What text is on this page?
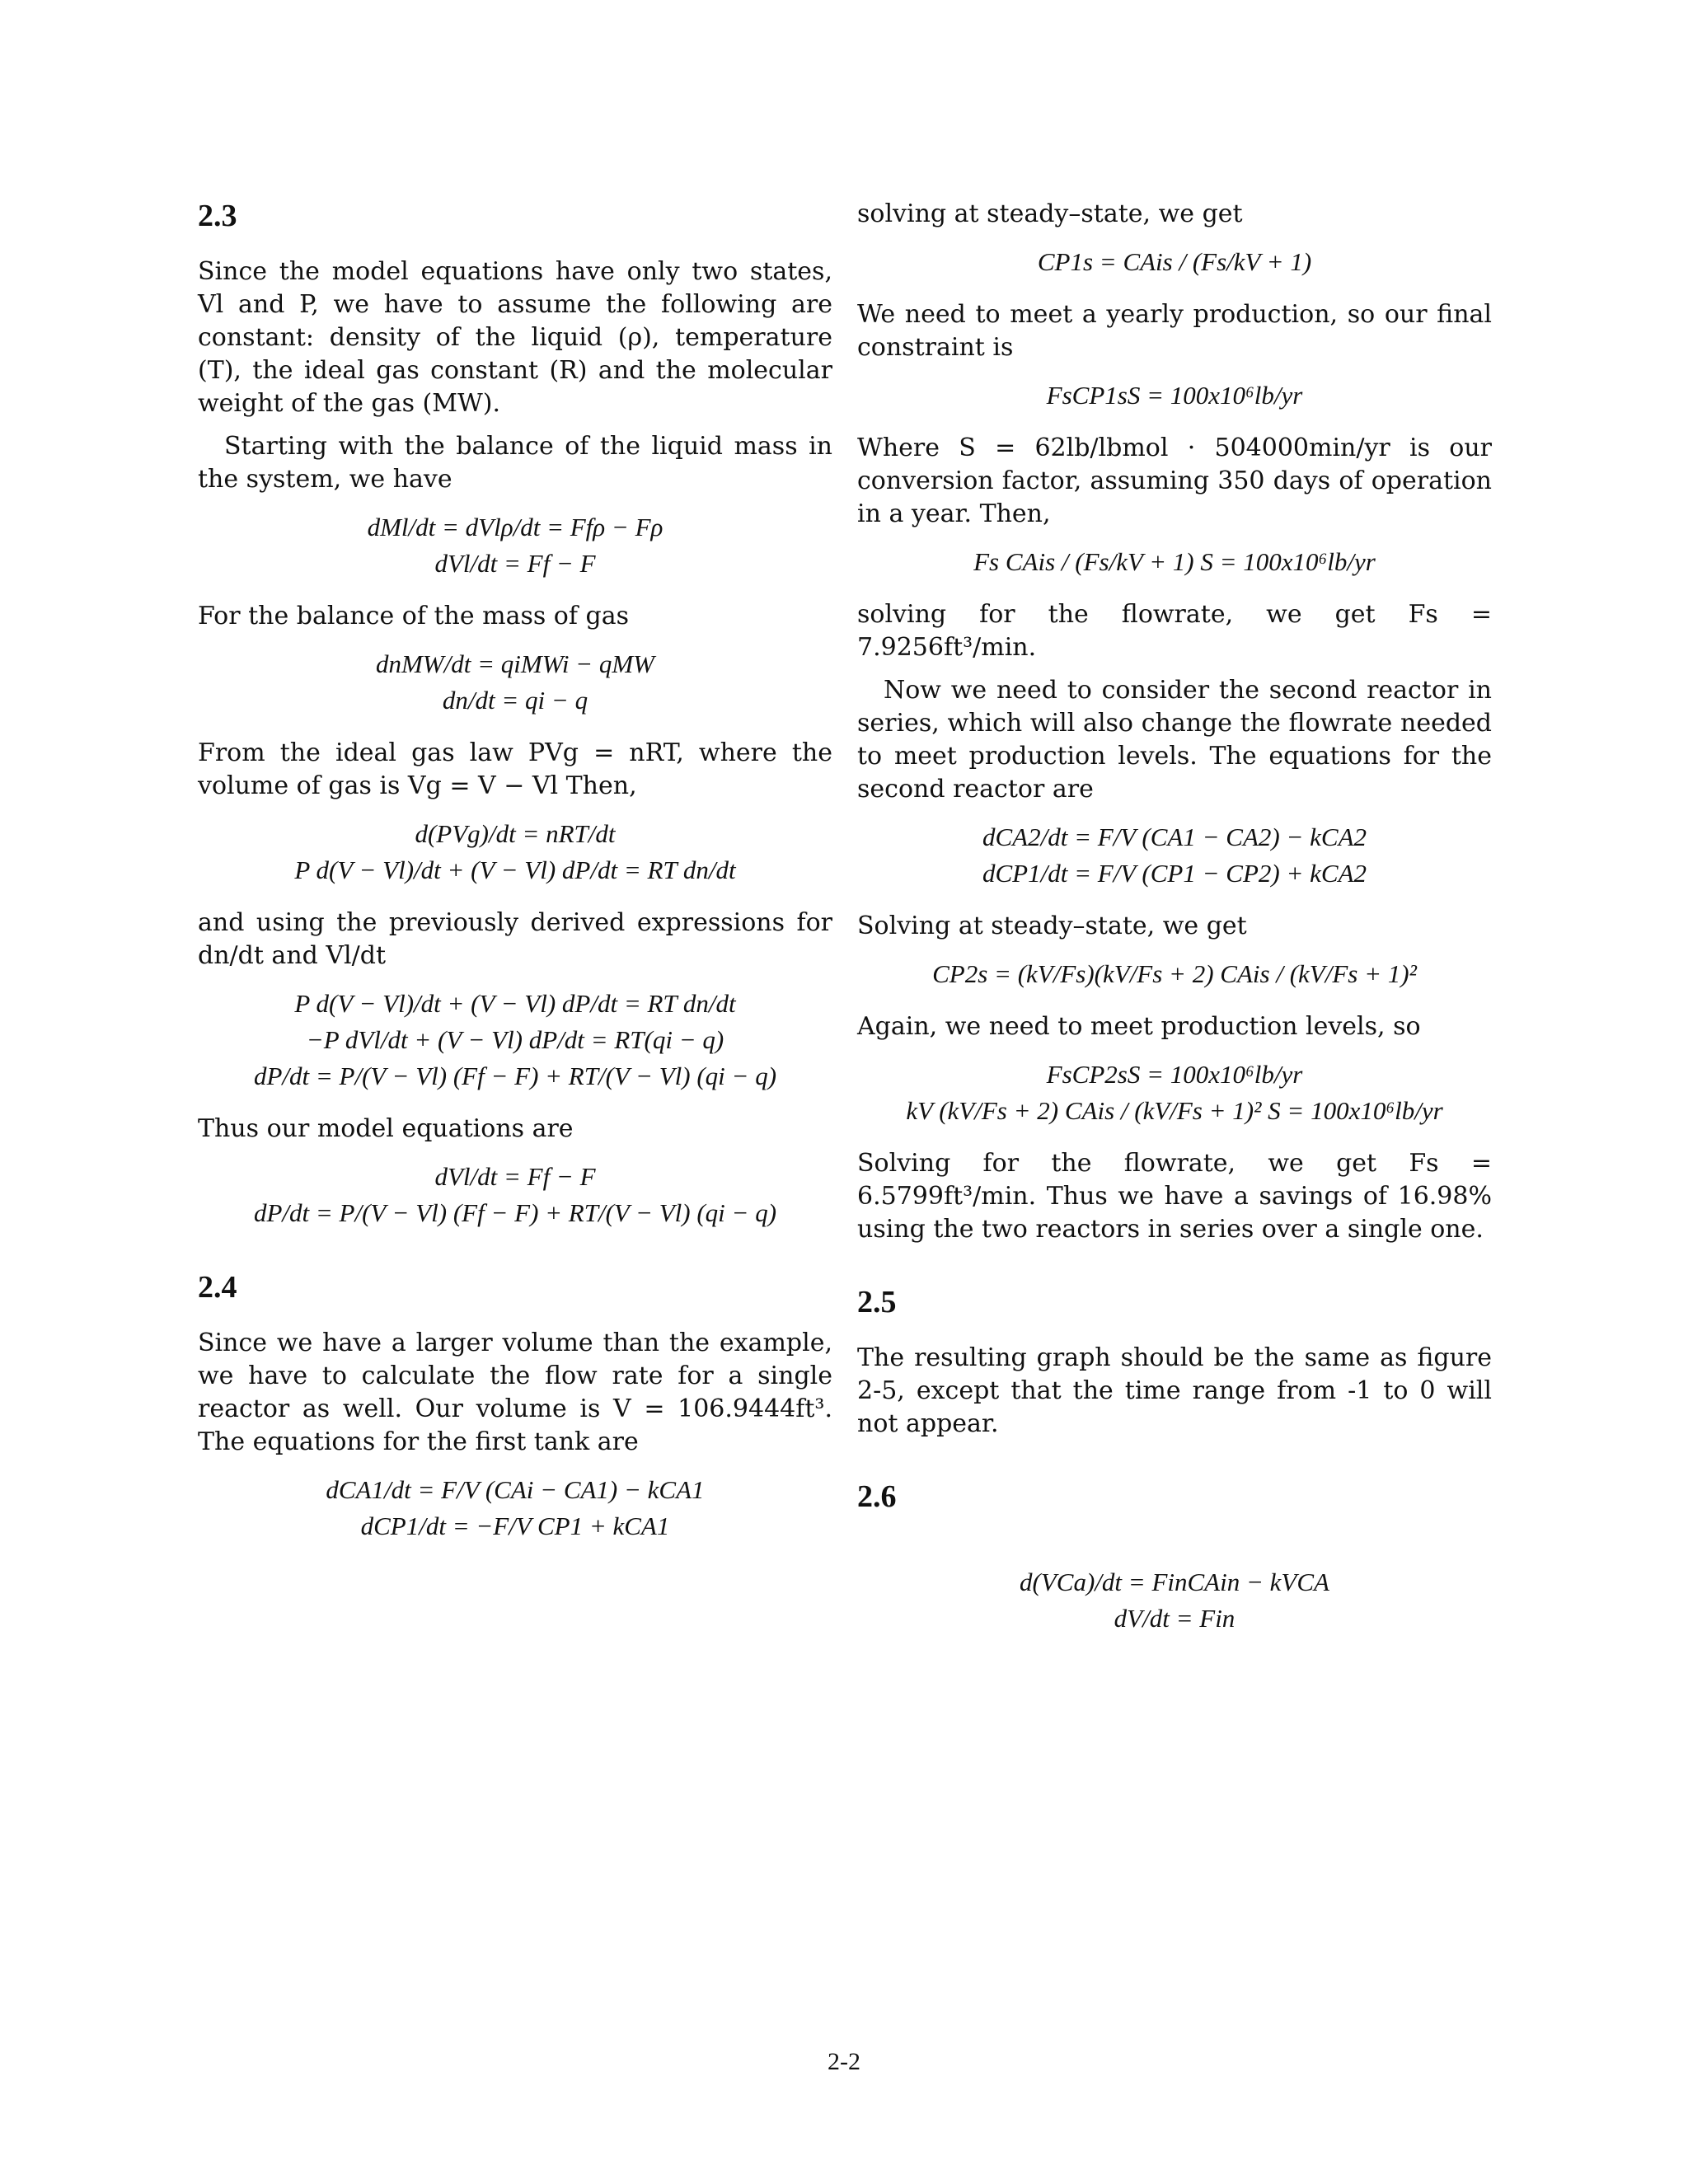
2.3

Since the model equations have only two states, Vl and P, we have to assume the following are constant: density of the liquid (ρ), temperature (T), the ideal gas constant (R) and the molecular weight of the gas (MW).

Starting with the balance of the liquid mass in the system, we have

dMl/dt = dVlρ/dt = Ffρ − Fρ
dVl/dt = Ff − F

For the balance of the mass of gas

dnMW/dt = qiMWi − qMW
dn/dt = qi − q

From the ideal gas law PVg = nRT, where the volume of gas is Vg = V − Vl Then,

d(PVg)/dt = nRT/dt
P d(V − Vl)/dt + (V − Vl) dP/dt = RT dn/dt

and using the previously derived expressions for dn/dt and Vl/dt

P d(V − Vl)/dt + (V − Vl) dP/dt = RT dn/dt
−P dVl/dt + (V − Vl) dP/dt = RT(qi − q)
dP/dt = P/(V − Vl) (Ff − F) + RT/(V − Vl) (qi − q)

Thus our model equations are

dVl/dt = Ff − F
dP/dt = P/(V − Vl) (Ff − F) + RT/(V − Vl) (qi − q)
2.4

Since we have a larger volume than the example, we have to calculate the flow rate for a single reactor as well. Our volume is V = 106.9444ft³. The equations for the first tank are

dCA1/dt = F/V (CAi − CA1) − kCA1
dCP1/dt = −F/V CP1 + kCA1

solving at steady–state, we get

CP1s = CAis / (Fs/kV + 1)

We need to meet a yearly production, so our final constraint is

FsCP1sS = 100x10⁶lb/yr

Where S = 62lb/lbmol · 504000min/yr is our conversion factor, assuming 350 days of operation in a year. Then,

Fs CAis / (Fs/kV + 1) S = 100x10⁶lb/yr

solving for the flowrate, we get Fs = 7.9256ft³/min.

Now we need to consider the second reactor in series, which will also change the flowrate needed to meet production levels. The equations for the second reactor are

dCA2/dt = F/V (CA1 − CA2) − kCA2
dCP1/dt = F/V (CP1 − CP2) + kCA2

Solving at steady–state, we get

CP2s = (kV/Fs)(kV/Fs + 2) CAis / (kV/Fs + 1)²

Again, we need to meet production levels, so

FsCP2sS = 100x10⁶lb/yr
kV (kV/Fs + 2) CAis / (kV/Fs + 1)² S = 100x10⁶lb/yr

Solving for the flowrate, we get Fs = 6.5799ft³/min. Thus we have a savings of 16.98% using the two reactors in series over a single one.

2.5

The resulting graph should be the same as figure 2-5, except that the time range from -1 to 0 will not appear.

2.6
d(VCa)/dt = FinCAin − kVCA
dV/dt = Fin
2-2
